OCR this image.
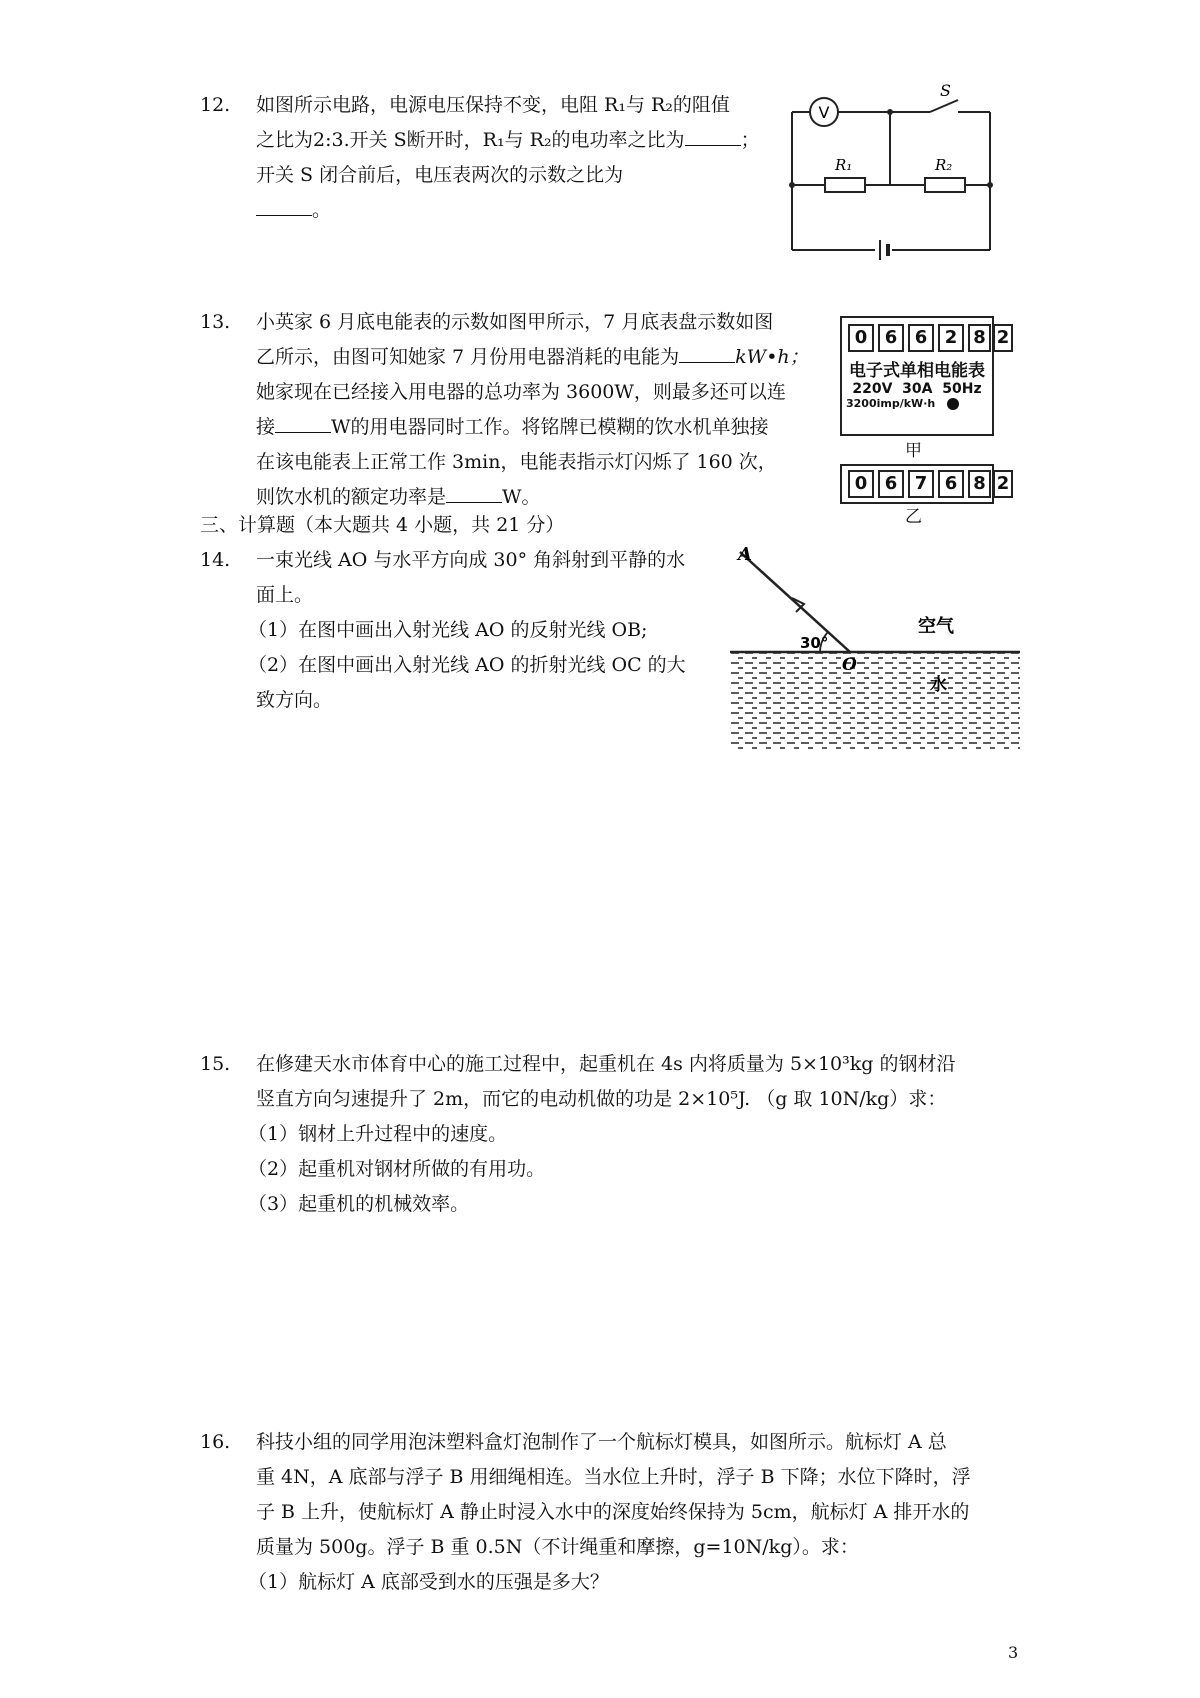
12.	如图所示电路，电源电压保持不变，电阻 R₁与 R₂的阻值
之比为2:3.开关 S断开时，R₁与 R₂的电功率之比为	；
开关 S 闭合前后，电压表两次的示数之比为
。
V
S
R₁	R₂
13.	小英家 6 月底电能表的示数如图甲所示，7 月底表盘示数如图
乙所示，由图可知她家 7 月份用电器消耗的电能为	kW•h；
她家现在已经接入用电器的总功率为 3600W，则最多还可以连
接	W的用电器同时工作。将铭牌已模糊的饮水机单独接
在该电能表上正常工作 3min，电能表指示灯闪烁了 160 次，
则饮水机的额定功率是	W。
0 6 6 2 8 2
电子式单相电能表
220V  30A  50Hz
3200imp/kW·h
甲
0 6 7 6 8 2
乙
三、计算题（本大题共 4 小题，共 21 分）
14.	一束光线 AO 与水平方向成 30° 角斜射到平静的水
面上。
（1）在图中画出入射光线 AO 的反射光线 OB;
（2）在图中画出入射光线 AO 的折射光线 OC 的大
致方向。
A
30°
O
空气
水
15.	在修建天水市体育中心的施工过程中，起重机在 4s 内将质量为 5×10³kg 的钢材沿
竖直方向匀速提升了 2m，而它的电动机做的功是 2×10⁵J. （g 取 10N/kg）求：
（1）钢材上升过程中的速度。
（2）起重机对钢材所做的有用功。
（3）起重机的机械效率。
16.	科技小组的同学用泡沫塑料盒灯泡制作了一个航标灯模具，如图所示。航标灯 A 总
重 4N，A 底部与浮子 B 用细绳相连。当水位上升时，浮子 B 下降；水位下降时，浮
子 B 上升，使航标灯 A 静止时浸入水中的深度始终保持为 5cm，航标灯 A 排开水的
质量为 500g。浮子 B 重 0.5N（不计绳重和摩擦，g=10N/kg）。求：
（1）航标灯 A 底部受到水的压强是多大？
3
